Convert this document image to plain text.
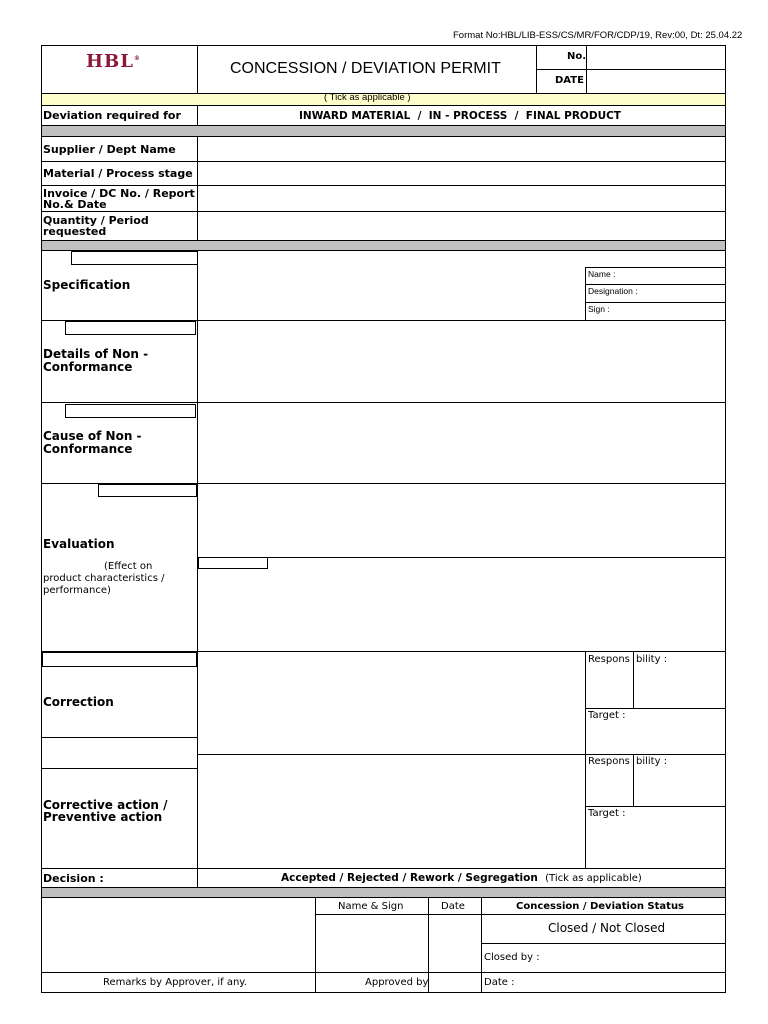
Format No:HBL/LIB-ESS/CS/MR/FOR/CDP/19, Rev:00, Dt: 25.04.22
HBL®
CONCESSION / DEVIATION PERMIT
No.
DATE
( Tick as applicable )
Deviation required for	INWARD MATERIAL  /  IN - PROCESS  /  FINAL PRODUCT
Supplier / Dept Name
Material / Process stage
Invoice / DC No. / Report
No.& Date
Quantity / Period
requested
Specification
Name :
Designation :
Sign :
Details of Non -
Conformance
Cause of Non -
Conformance
Evaluation
(Effect on
product characteristics /
performance)
Correction
Respons bility :
Target :
Corrective action /
Preventive action
Respons bility :
Target :
Decision :	Accepted / Rejected / Rework / Segregation (Tick as applicable)
Name & Sign	Date	Concession / Deviation Status
Closed / Not Closed
Closed by :
Date :
Remarks by Approver, if any.	Approved by
